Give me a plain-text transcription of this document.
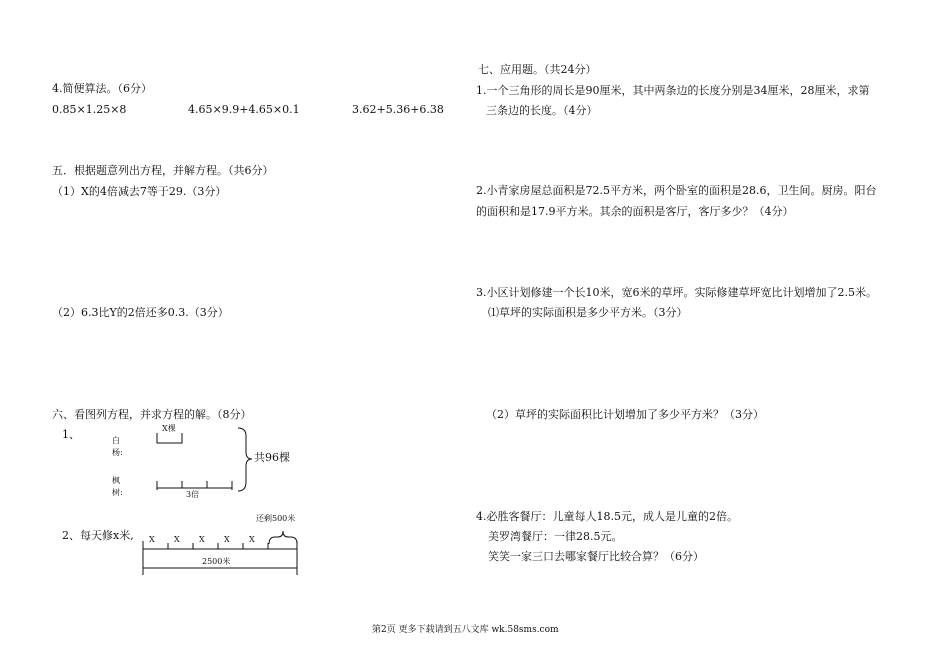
4.简便算法。（6分）
0.85×1.25×8	4.65×9.9+4.65×0.1	3.62+5.36+6.38
五．根据题意列出方程，并解方程。（共6分）
（1）X的4倍减去7等于29.（3分）
（2）6.3比Y的2倍还多0.3.（3分）
六、看图列方程，并求方程的解。（8分）
1、	白
杨:
X棵
枫
树:	3倍
共96棵
2、每天修x米, X X X X X
还剩500米
2500米
七、应用题。（共24分）
1.一个三角形的周长是90厘米，其中两条边的长度分别是34厘米，28厘米，求第
三条边的长度。（4分）
2.小青家房屋总面积是72.5平方米，两个卧室的面积是28.6，卫生间。厨房。阳台
的面积和是17.9平方米。其余的面积是客厅，客厅多少？（4分）
3.小区计划修建一个长10米，宽6米的草坪。实际修建草坪宽比计划增加了2.5米。
⑴草坪的实际面积是多少平方米。（3分）
（2）草坪的实际面积比计划增加了多少平方米？（3分）
4.必胜客餐厅：儿童每人18.5元，成人是儿童的2倍。
美罗湾餐厅：一律28.5元。
笑笑一家三口去哪家餐厅比较合算？（6分）
第2页 更多下载请到五八文库 wk.58sms.com
